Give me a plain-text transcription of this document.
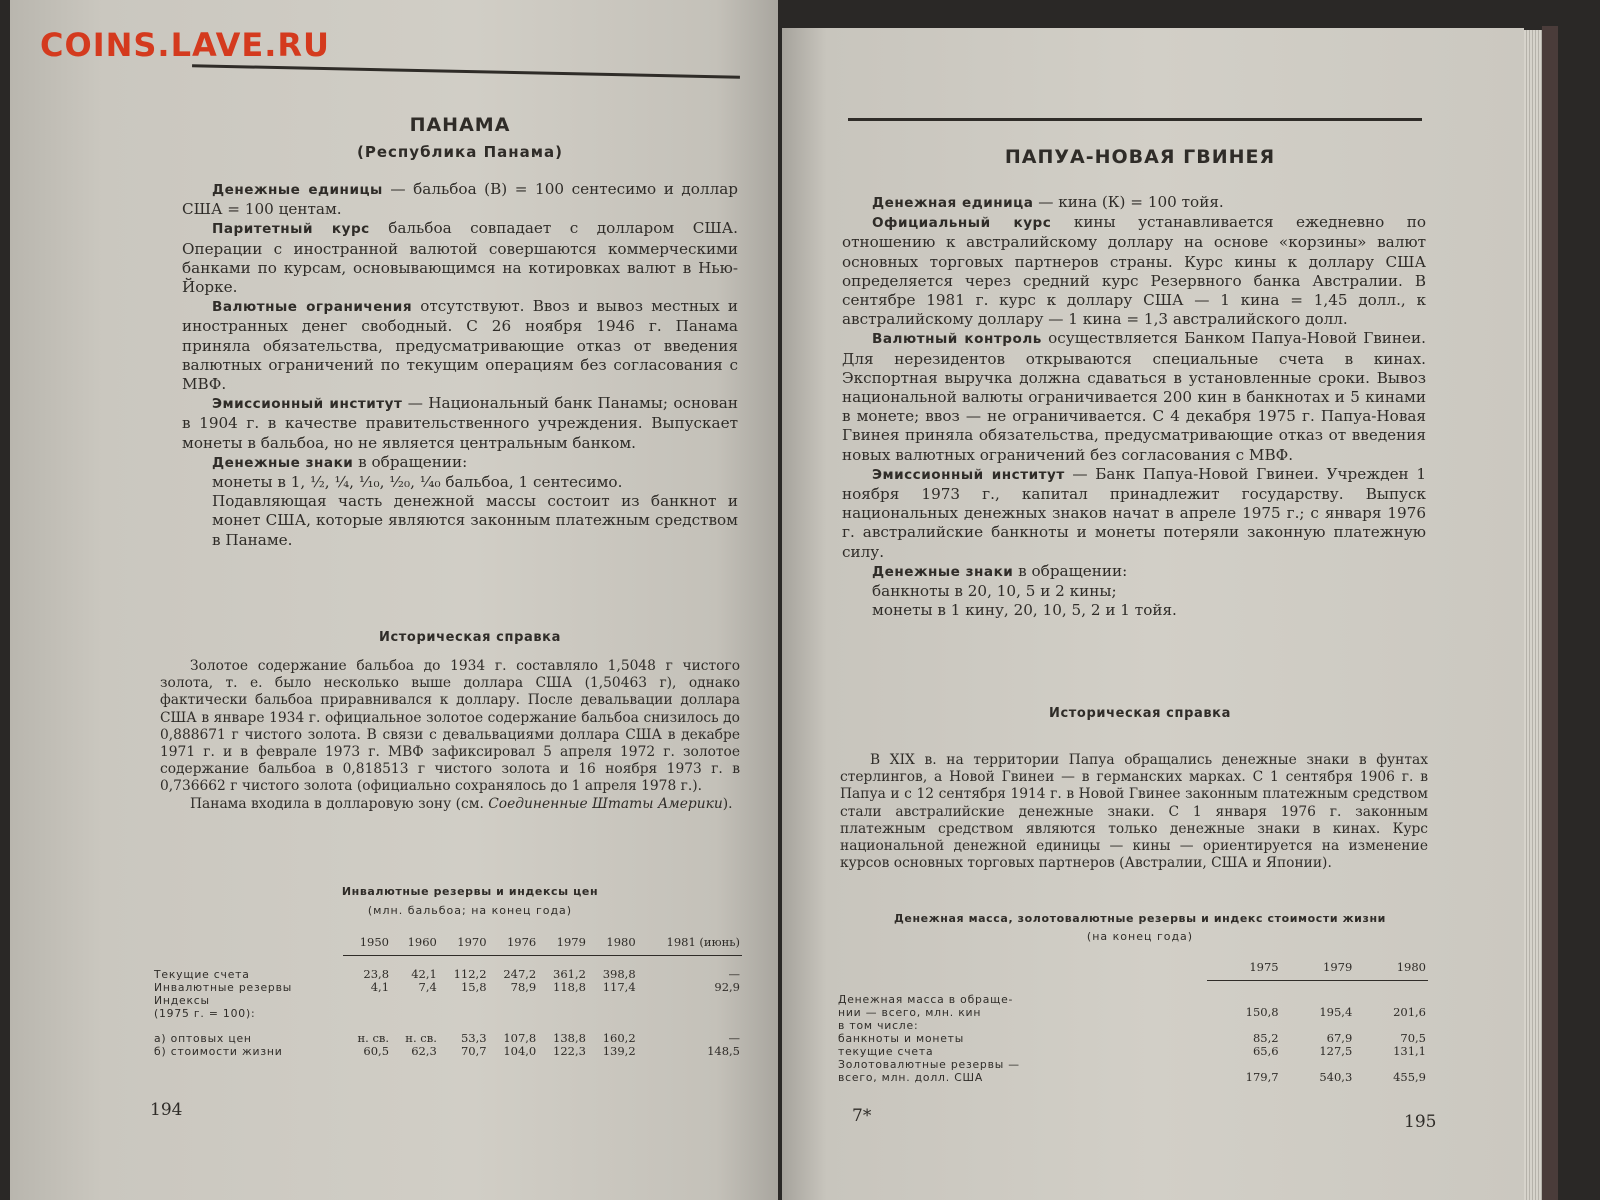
COINS.LAVE.RU
ПАНАМА
(Республика Панама)

Денежные единицы — бальбоа (В) = 100 сентесимо и доллар США = 100 центам.

Паритетный курс бальбоа совпадает с долларом США. Операции с иностранной валютой совершаются коммерческими банками по курсам, основывающимся на котировках валют в Нью-Йорке.

Валютные ограничения отсутствуют. Ввоз и вывоз местных и иностранных денег свободный. С 26 ноября 1946 г. Панама приняла обязательства, предусматривающие отказ от введения валютных ограничений по текущим операциям без согласования с МВФ.

Эмиссионный институт — Национальный банк Панамы; основан в 1904 г. в качестве правительственного учреждения. Выпускает монеты в бальбоа, но не является центральным банком.

Денежные знаки в обращении:

монеты в 1, ½, ¼, ¹⁄₁₀, ¹⁄₂₀, ¹⁄₄₀ бальбоа, 1 сентесимо.

Подавляющая часть денежной массы состоит из банкнот и монет США, которые являются законным платежным средством в Панаме.

Историческая справка

Золотое содержание бальбоа до 1934 г. составляло 1,5048 г чистого золота, т. е. было несколько выше доллара США (1,50463 г), однако фактически бальбоа приравнивался к доллару. После девальвации доллара США в январе 1934 г. официальное золотое содержание бальбоа снизилось до 0,888671 г чистого золота. В связи с девальвациями доллара США в декабре 1971 г. и в феврале 1973 г. МВФ зафиксировал 5 апреля 1972 г. золотое содержание бальбоа в 0,818513 г чистого золота и 16 ноября 1973 г. в 0,736662 г чистого золота (официально сохранялось до 1 апреля 1978 г.).

Панама входила в долларовую зону (см. Соединенные Штаты Америки).

Инвалютные резервы и индексы цен
(млн. бальбоа; на конец года)
	1950	1960	1970	1976	1979	1980	1981 (июнь)
Текущие счета	23,8	42,1	112,2	247,2	361,2	398,8	—
Инвалютные резервы	4,1	7,4	15,8	78,9	118,8	117,4	92,9
Индексы							
(1975 г. = 100):							
а) оптовых цен	н. св.	н. св.	53,3	107,8	138,8	160,2	—
б) стоимости жизни	60,5	62,3	70,7	104,0	122,3	139,2	148,5
194
ПАПУА-НОВАЯ ГВИНЕЯ

Денежная единица — кина (К) = 100 тойя.

Официальный курс кины устанавливается ежедневно по отношению к австралийскому доллару на основе «корзины» валют основных торговых партнеров страны. Курс кины к доллару США определяется через средний курс Резервного банка Австралии. В сентябре 1981 г. курс к доллару США — 1 кина = 1,45 долл., к австралийскому доллару — 1 кина = 1,3 австралийского долл.

Валютный контроль осуществляется Банком Папуа-Новой Гвинеи. Для нерезидентов открываются специальные счета в кинах. Экспортная выручка должна сдаваться в установленные сроки. Вывоз национальной валюты ограничивается 200 кин в банкнотах и 5 кинами в монете; ввоз — не ограничивается. С 4 декабря 1975 г. Папуа-Новая Гвинея приняла обязательства, предусматривающие отказ от введения новых валютных ограничений без согласования с МВФ.

Эмиссионный институт — Банк Папуа-Новой Гвинеи. Учрежден 1 ноября 1973 г., капитал принадлежит государству. Выпуск национальных денежных знаков начат в апреле 1975 г.; с января 1976 г. австралийские банкноты и монеты потеряли законную платежную силу.

Денежные знаки в обращении:

банкноты в 20, 10, 5 и 2 кины;

монеты в 1 кину, 20, 10, 5, 2 и 1 тойя.

Историческая справка

В XIX в. на территории Папуа обращались денежные знаки в фунтах стерлингов, а Новой Гвинеи — в германских марках. С 1 сентября 1906 г. в Папуа и с 12 сентября 1914 г. в Новой Гвинее законным платежным средством стали австралийские денежные знаки. С 1 января 1976 г. законным платежным средством являются только денежные знаки в кинах. Курс национальной денежной единицы — кины — ориентируется на изменение курсов основных торговых партнеров (Австралии, США и Японии).

Денежная масса, золотовалютные резервы и индекс стоимости жизни
(на конец года)
	1975	1979	1980
Денежная масса в обраще-			
нии — всего, млн. кин	150,8	195,4	201,6
в том числе:			
банкноты и монеты	85,2	67,9	70,5
текущие счета	65,6	127,5	131,1
Золотовалютные резервы —			
всего, млн. долл. США	179,7	540,3	455,9
7*	195
